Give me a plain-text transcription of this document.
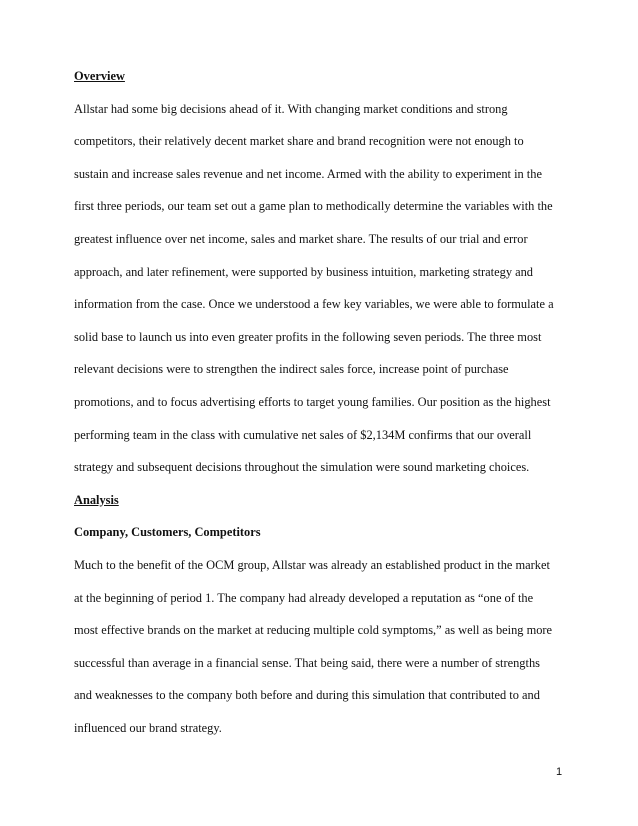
Overview
Allstar had some big decisions ahead of it. With changing market conditions and strong
competitors, their relatively decent market share and brand recognition were not enough to
sustain and increase sales revenue and net income. Armed with the ability to experiment in the
first three periods, our team set out a game plan to methodically determine the variables with the
greatest influence over net income, sales and market share. The results of our trial and error
approach, and later refinement, were supported by business intuition, marketing strategy and
information from the case. Once we understood a few key variables, we were able to formulate a
solid base to launch us into even greater profits in the following seven periods. The three most
relevant decisions were to strengthen the indirect sales force, increase point of purchase
promotions, and to focus advertising efforts to target young families. Our position as the highest
performing team in the class with cumulative net sales of $2,134M confirms that our overall
strategy and subsequent decisions throughout the simulation were sound marketing choices.
Analysis
Company, Customers, Competitors
Much to the benefit of the OCM group, Allstar was already an established product in the market
at the beginning of period 1. The company had already developed a reputation as “one of the
most effective brands on the market at reducing multiple cold symptoms,” as well as being more
successful than average in a financial sense. That being said, there were a number of strengths
and weaknesses to the company both before and during this simulation that contributed to and
influenced our brand strategy.
1
